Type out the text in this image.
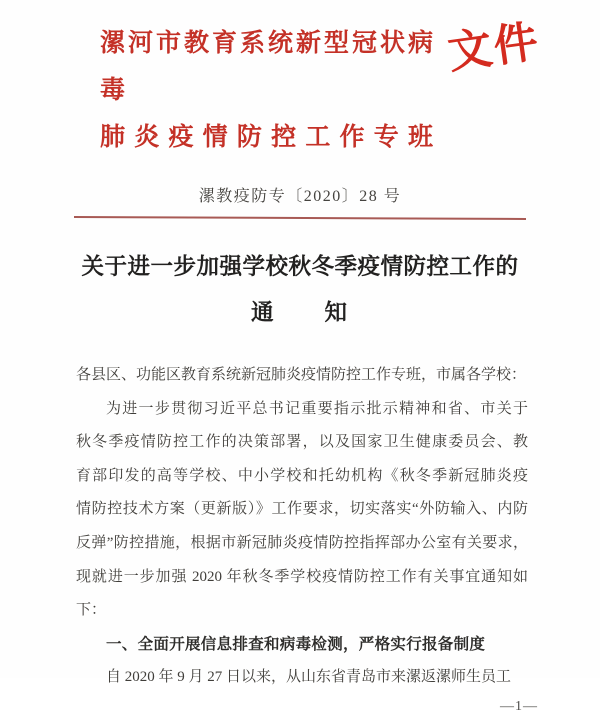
漯河市教育系统新型冠状病毒
肺炎疫情防控工作专班
文件
漯教疫防专〔2020〕28 号
关于进一步加强学校秋冬季疫情防控工作的
通　　知
各县区、功能区教育系统新冠肺炎疫情防控工作专班，市属各学校：
为进一步贯彻习近平总书记重要指示批示精神和省、市关于
秋冬季疫情防控工作的决策部署，以及国家卫生健康委员会、教
育部印发的高等学校、中小学校和托幼机构《秋冬季新冠肺炎疫
情防控技术方案（更新版）》工作要求，切实落实“外防输入、内防
反弹”防控措施，根据市新冠肺炎疫情防控指挥部办公室有关要求，
现就进一步加强 2020 年秋冬季学校疫情防控工作有关事宜通知如
下：
一、全面开展信息排查和病毒检测，严格实行报备制度
自 2020 年 9 月 27 日以来，从山东省青岛市来漯返漯师生员工
—1—
